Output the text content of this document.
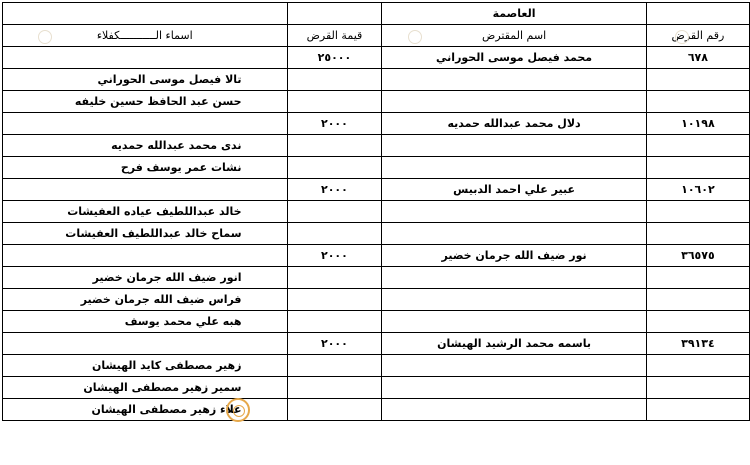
	العاصمة		
رقم القرض	اسم المقترض	قيمة القرض	اسماء الـــــــــــكفلاء
٦٧٨	محمد فيصل موسى الحوراني	٢٥٠٠٠	
			تالا فيصل موسى الحوراني
			حسن عبد الحافظ حسين خليفه
١٠١٩٨	دلال محمد عبدالله حمديه	٢٠٠٠	
			ندى محمد عبدالله حمديه
			نشات عمر يوسف فرح
١٠٦٠٢	عبير علي احمد الدبيس	٢٠٠٠	
			خالد عبداللطيف عياده العفيشات
			سماح خالد عبداللطيف العفيشات
٣٦٥٧٥	نور ضيف الله جرمان خضير	٢٠٠٠	
			انور ضيف الله جرمان خضير
			فراس ضيف الله جرمان خضير
			هبه علي محمد يوسف
٣٩١٣٤	باسمه محمد الرشيد الهيشان	٢٠٠٠	
			زهير مصطفى كايد الهيشان
			سمير زهير مصطفى الهيشان
			علاء زهير مصطفى الهيشان
